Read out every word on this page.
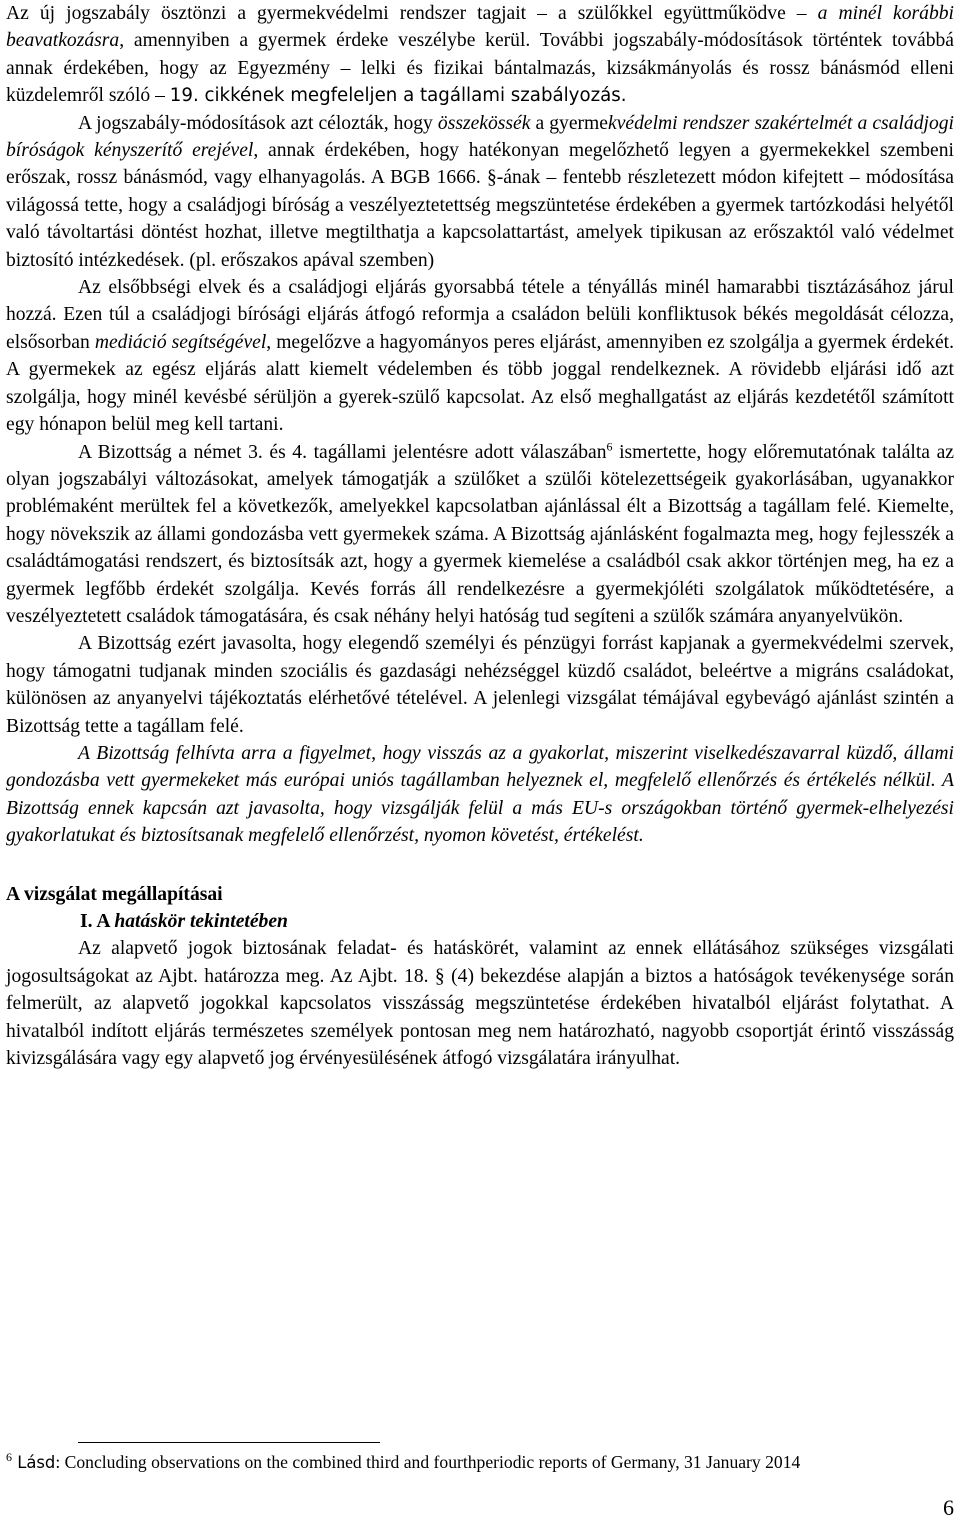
Az új jogszabály ösztönzi a gyermekvédelmi rendszer tagjait – a szülőkkel együttműködve – a minél korábbi beavatkozásra, amennyiben a gyermek érdeke veszélybe kerül. További jogszabály-módosítások történtek továbbá annak érdekében, hogy az Egyezmény – lelki és fizikai bántalmazás, kizsákmányolás és rossz bánásmód elleni küzdelemről szóló – 19. cikkének megfeleljen a tagállami szabályozás.

A jogszabály-módosítások azt célozták, hogy összekössék a gyermekvédelmi rendszer szakértelmét a családjogi bíróságok kényszerítő erejével, annak érdekében, hogy hatékonyan megelőzhető legyen a gyermekekkel szembeni erőszak, rossz bánásmód, vagy elhanyagolás. A BGB 1666. §-ának – fentebb részletezett módon kifejtett – módosítása világossá tette, hogy a családjogi bíróság a veszélyeztetettség megszüntetése érdekében a gyermek tartózkodási helyétől való távoltartási döntést hozhat, illetve megtilthatja a kapcsolattartást, amelyek tipikusan az erőszaktól való védelmet biztosító intézkedések. (pl. erőszakos apával szemben)

Az elsőbbségi elvek és a családjogi eljárás gyorsabbá tétele a tényállás minél hamarabbi tisztázásához járul hozzá. Ezen túl a családjogi bírósági eljárás átfogó reformja a családon belüli konfliktusok békés megoldását célozza, elsősorban mediáció segítségével, megelőzve a hagyományos peres eljárást, amennyiben ez szolgálja a gyermek érdekét. A gyermekek az egész eljárás alatt kiemelt védelemben és több joggal rendelkeznek. A rövidebb eljárási idő azt szolgálja, hogy minél kevésbé sérüljön a gyerek-szülő kapcsolat. Az első meghallgatást az eljárás kezdetétől számított egy hónapon belül meg kell tartani.

A Bizottság a német 3. és 4. tagállami jelentésre adott válaszában$^6$ ismertette, hogy előremutatónak találta az olyan jogszabályi változásokat, amelyek támogatják a szülőket a szülői kötelezettségeik gyakorlásában, ugyanakkor problémaként merültek fel a következők, amelyekkel kapcsolatban ajánlással élt a Bizottság a tagállam felé. Kiemelte, hogy növekszik az állami gondozásba vett gyermekek száma. A Bizottság ajánlásként fogalmazta meg, hogy fejlesszék a családtámogatási rendszert, és biztosítsák azt, hogy a gyermek kiemelése a családból csak akkor történjen meg, ha ez a gyermek legfőbb érdekét szolgálja. Kevés forrás áll rendelkezésre a gyermekjóléti szolgálatok működtetésére, a veszélyeztetett családok támogatására, és csak néhány helyi hatóság tud segíteni a szülők számára anyanyelvükön.

A Bizottság ezért javasolta, hogy elegendő személyi és pénzügyi forrást kapjanak a gyermekvédelmi szervek, hogy támogatni tudjanak minden szociális és gazdasági nehézséggel küzdő családot, beleértve a migráns családokat, különösen az anyanyelvi tájékoztatás elérhetővé tételével. A jelenlegi vizsgálat témájával egybevágó ajánlást szintén a Bizottság tette a tagállam felé.

A Bizottság felhívta arra a figyelmet, hogy visszás az a gyakorlat, miszerint viselkedészavarral küzdő, állami gondozásba vett gyermekeket más európai uniós tagállamban helyeznek el, megfelelő ellenőrzés és értékelés nélkül. A Bizottság ennek kapcsán azt javasolta, hogy vizsgálják felül a más EU-s országokban történő gyermek-elhelyezési gyakorlatukat és biztosítsanak megfelelő ellenőrzést, nyomon követést, értékelést.

A vizsgálat megállapításai

I. A hatáskör tekintetében

Az alapvető jogok biztosának feladat- és hatáskörét, valamint az ennek ellátásához szükséges vizsgálati jogosultságokat az Ajbt. határozza meg. Az Ajbt. 18. § (4) bekezdése alapján a biztos a hatóságok tevékenysége során felmerült, az alapvető jogokkal kapcsolatos visszásság megszüntetése érdekében hivatalból eljárást folytathat. A hivatalból indított eljárás természetes személyek pontosan meg nem határozható, nagyobb csoportját érintő visszásság kivizsgálására vagy egy alapvető jog érvényesülésének átfogó vizsgálatára irányulhat.

$^6$ Lásd: Concluding observations on the combined third and fourthperiodic reports of Germany, 31 January 2014
6
